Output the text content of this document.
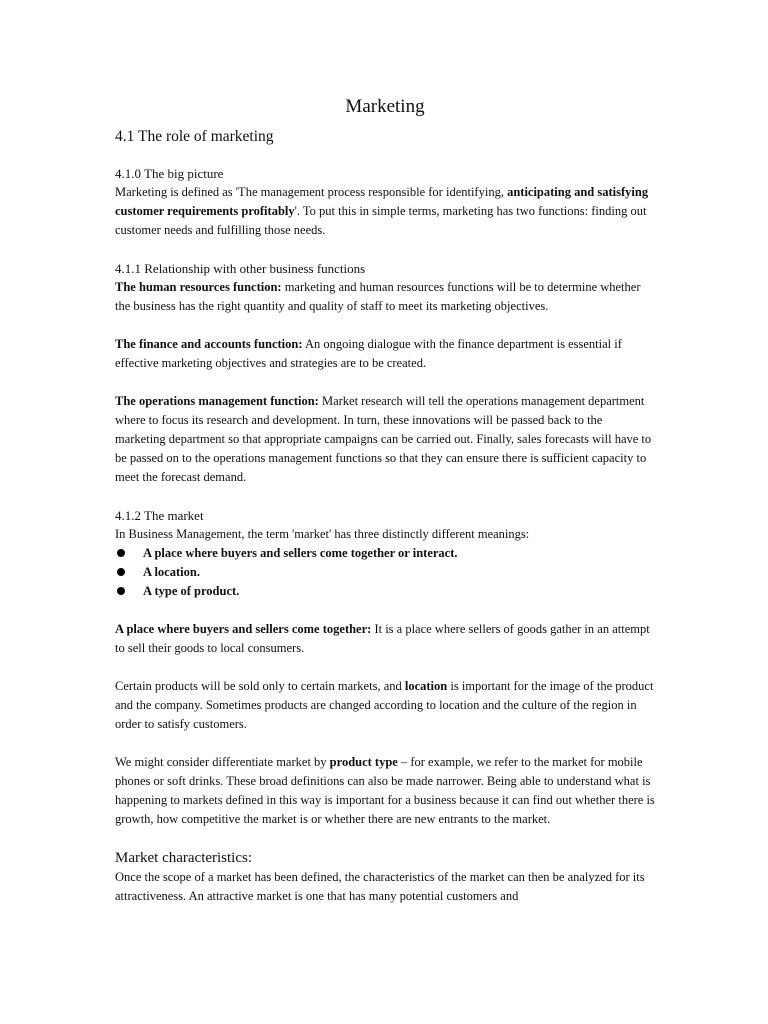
Marketing
4.1 The role of marketing
4.1.0 The big picture

Marketing is defined as 'The management process responsible for identifying, anticipating and satisfying customer requirements profitably'. To put this in simple terms, marketing has two functions: finding out customer needs and fulfilling those needs.

4.1.1 Relationship with other business functions

The human resources function: marketing and human resources functions will be to determine whether the business has the right quantity and quality of staff to meet its marketing objectives.

The finance and accounts function: An ongoing dialogue with the finance department is essential if effective marketing objectives and strategies are to be created.

The operations management function: Market research will tell the operations management department where to focus its research and development. In turn, these innovations will be passed back to the marketing department so that appropriate campaigns can be carried out. Finally, sales forecasts will have to be passed on to the operations management functions so that they can ensure there is sufficient capacity to meet the forecast demand.

4.1.2 The market

In Business Management, the term 'market' has three distinctly different meanings:

A place where buyers and sellers come together or interact.
A location.
A type of product.

A place where buyers and sellers come together: It is a place where sellers of goods gather in an attempt to sell their goods to local consumers.

Certain products will be sold only to certain markets, and location is important for the image of the product and the company. Sometimes products are changed according to location and the culture of the region in order to satisfy customers.

We might consider differentiate market by product type – for example, we refer to the market for mobile phones or soft drinks. These broad definitions can also be made narrower. Being able to understand what is happening to markets defined in this way is important for a business because it can find out whether there is growth, how competitive the market is or whether there are new entrants to the market.

Market characteristics:

Once the scope of a market has been defined, the characteristics of the market can then be analyzed for its attractiveness. An attractive market is one that has many potential customers and
